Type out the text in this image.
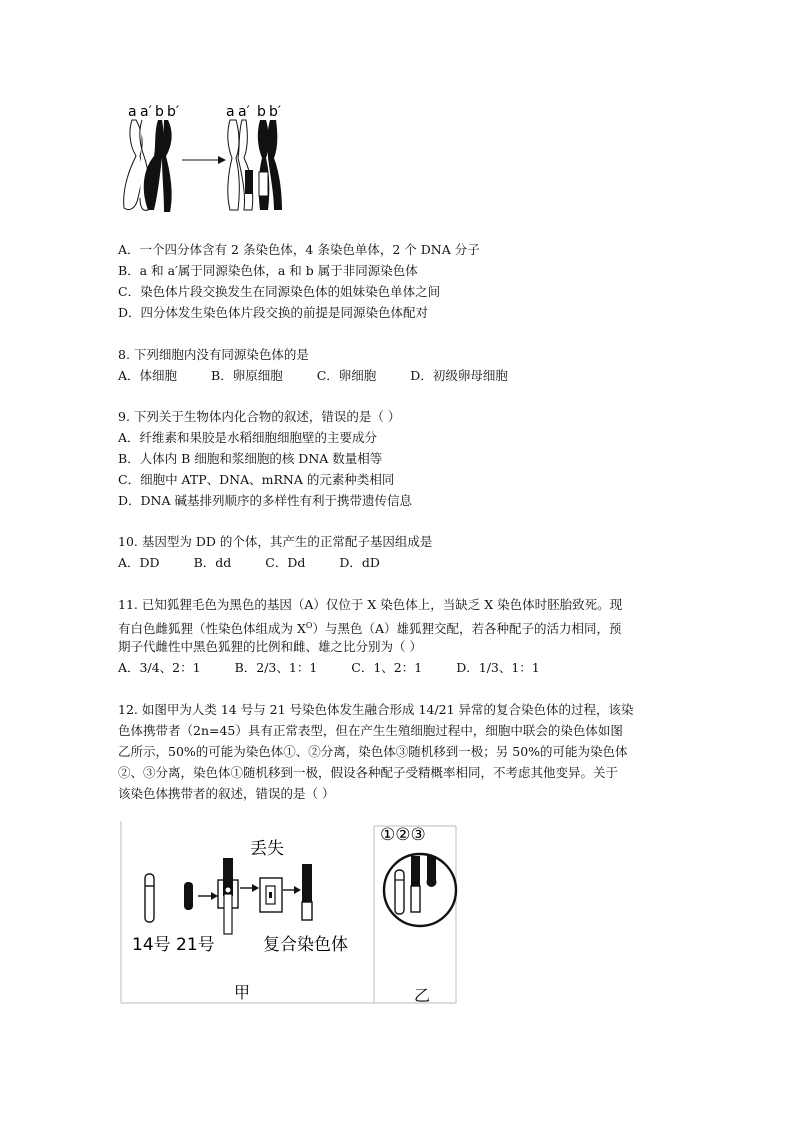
a a′ b b′	a a′ b b′
A．一个四分体含有 2 条染色体，4 条染色单体，2 个 DNA 分子
B．a 和 a′属于同源染色体，a 和 b 属于非同源染色体
C．染色体片段交换发生在同源染色体的姐妹染色单体之间
D．四分体发生染色体片段交换的前提是同源染色体配对
8. 下列细胞内没有同源染色体的是
A．体细胞	B．卵原细胞	C．卵细胞	D．初级卵母细胞
9. 下列关于生物体内化合物的叙述，错误的是（ ）
A．纤维素和果胶是水稻细胞细胞壁的主要成分
B．人体内 B 细胞和浆细胞的核 DNA 数量相等
C．细胞中 ATP、DNA、mRNA 的元素种类相同
D．DNA 碱基排列顺序的多样性有利于携带遗传信息
10. 基因型为 DD 的个体，其产生的正常配子基因组成是
A．DD	B．dd	C．Dd	D．dD
11. 已知狐狸毛色为黑色的基因（A）仅位于 X 染色体上，当缺乏 X 染色体时胚胎致死。现
有白色雌狐狸（性染色体组成为 $X^O$）与黑色（A）雄狐狸交配，若各种配子的活力相同，预
期子代雌性中黑色狐狸的比例和雌、雄之比分别为（ ）
A．3/4、2：1	B．2/3、1：1	C．1、2：1	D．1/3、1：1
12. 如图甲为人类 14 号与 21 号染色体发生融合形成 14/21 异常的复合染色体的过程，该染
色体携带者（2n=45）具有正常表型，但在产生生殖细胞过程中，细胞中联会的染色体如图
乙所示，50%的可能为染色体①、②分离，染色体③随机移到一极；另 50%的可能为染色体
②、③分离，染色体①随机移到一极，假设各种配子受精概率相同，不考虑其他变异。关于
该染色体携带者的叙述，错误的是（ ）
丢失
14号 21号	复合染色体
甲	乙
①②③
